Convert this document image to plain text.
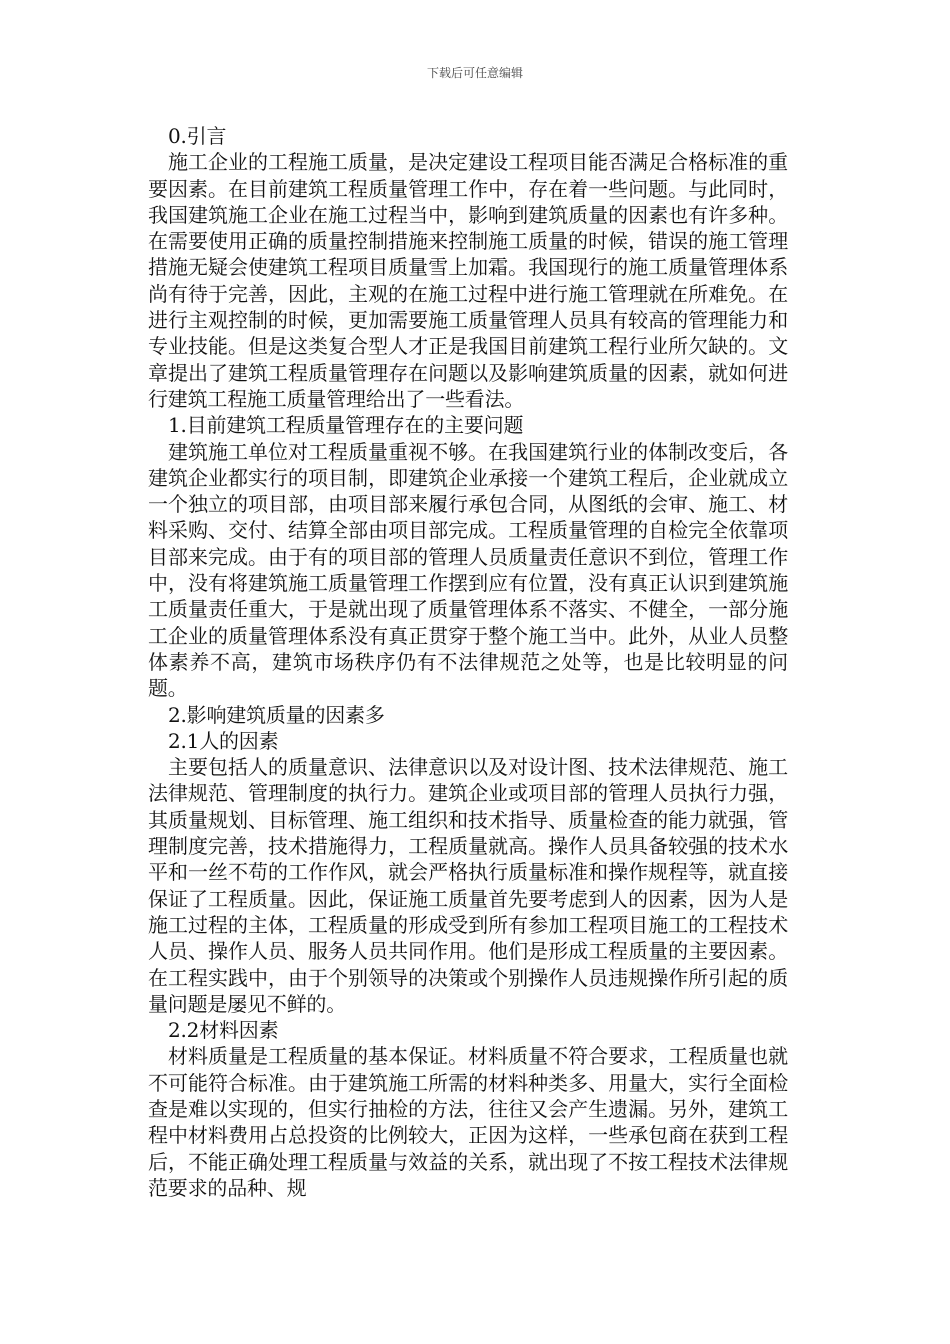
下载后可任意编辑
0.引言

施工企业的工程施工质量，是决定建设工程项目能否满足合格标准的重要因素。在目前建筑工程质量管理工作中，存在着一些问题。与此同时，我国建筑施工企业在施工过程当中，影响到建筑质量的因素也有许多种。在需要使用正确的质量控制措施来控制施工质量的时候，错误的施工管理措施无疑会使建筑工程项目质量雪上加霜。我国现行的施工质量管理体系尚有待于完善，因此，主观的在施工过程中进行施工管理就在所难免。在进行主观控制的时候，更加需要施工质量管理人员具有较高的管理能力和专业技能。但是这类复合型人才正是我国目前建筑工程行业所欠缺的。文章提出了建筑工程质量管理存在问题以及影响建筑质量的因素，就如何进行建筑工程施工质量管理给出了一些看法。

1.目前建筑工程质量管理存在的主要问题

建筑施工单位对工程质量重视不够。在我国建筑行业的体制改变后，各建筑企业都实行的项目制，即建筑企业承接一个建筑工程后，企业就成立一个独立的项目部，由项目部来履行承包合同，从图纸的会审、施工、材料采购、交付、结算全部由项目部完成。工程质量管理的自检完全依靠项目部来完成。由于有的项目部的管理人员质量责任意识不到位，管理工作中，没有将建筑施工质量管理工作摆到应有位置，没有真正认识到建筑施工质量责任重大，于是就出现了质量管理体系不落实、不健全，一部分施工企业的质量管理体系没有真正贯穿于整个施工当中。此外，从业人员整体素养不高，建筑市场秩序仍有不法律规范之处等，也是比较明显的问题。

2.影响建筑质量的因素多
2.1人的因素

主要包括人的质量意识、法律意识以及对设计图、技术法律规范、施工法律规范、管理制度的执行力。建筑企业或项目部的管理人员执行力强，其质量规划、目标管理、施工组织和技术指导、质量检查的能力就强，管理制度完善，技术措施得力，工程质量就高。操作人员具备较强的技术水平和一丝不苟的工作作风，就会严格执行质量标准和操作规程等，就直接保证了工程质量。因此，保证施工质量首先要考虑到人的因素，因为人是施工过程的主体，工程质量的形成受到所有参加工程项目施工的工程技术人员、操作人员、服务人员共同作用。他们是形成工程质量的主要因素。在工程实践中，由于个别领导的决策或个别操作人员违规操作所引起的质量问题是屡见不鲜的。

2.2材料因素

材料质量是工程质量的基本保证。材料质量不符合要求，工程质量也就不可能符合标准。由于建筑施工所需的材料种类多、用量大，实行全面检查是难以实现的，但实行抽检的方法，往往又会产生遗漏。另外，建筑工程中材料费用占总投资的比例较大，正因为这样，一些承包商在获到工程后，不能正确处理工程质量与效益的关系，就出现了不按工程技术法律规范要求的品种、规
